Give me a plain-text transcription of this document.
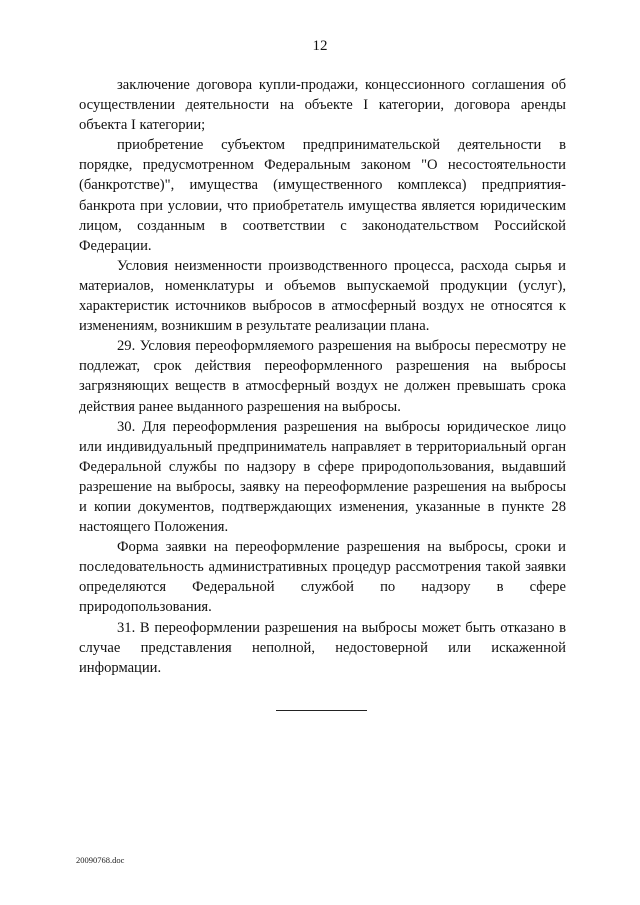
12

заключение договора купли-продажи, концессионного соглашения об осуществлении деятельности на объекте I категории, договора аренды объекта I категории;

приобретение субъектом предпринимательской деятельности в порядке, предусмотренном Федеральным законом "О несостоятельности (банкротстве)", имущества (имущественного комплекса) предприятия-банкрота при условии, что приобретатель имущества является юридическим лицом, созданным в соответствии с законодательством Российской Федерации.

Условия неизменности производственного процесса, расхода сырья и материалов, номенклатуры и объемов выпускаемой продукции (услуг), характеристик источников выбросов в атмосферный воздух не относятся к изменениям, возникшим в результате реализации плана.

29. Условия переоформляемого разрешения на выбросы пересмотру не подлежат, срок действия переоформленного разрешения на выбросы загрязняющих веществ в атмосферный воздух не должен превышать срока действия ранее выданного разрешения на выбросы.

30. Для переоформления разрешения на выбросы юридическое лицо или индивидуальный предприниматель направляет в территориальный орган Федеральной службы по надзору в сфере природопользования, выдавший разрешение на выбросы, заявку на переоформление разрешения на выбросы и копии документов, подтверждающих изменения, указанные в пункте 28 настоящего Положения.

Форма заявки на переоформление разрешения на выбросы, сроки и последовательность административных процедур рассмотрения такой заявки определяются Федеральной службой по надзору в сфере природопользования.

31. В переоформлении разрешения на выбросы может быть отказано в случае представления неполной, недостоверной или искаженной информации.

20090768.doc
